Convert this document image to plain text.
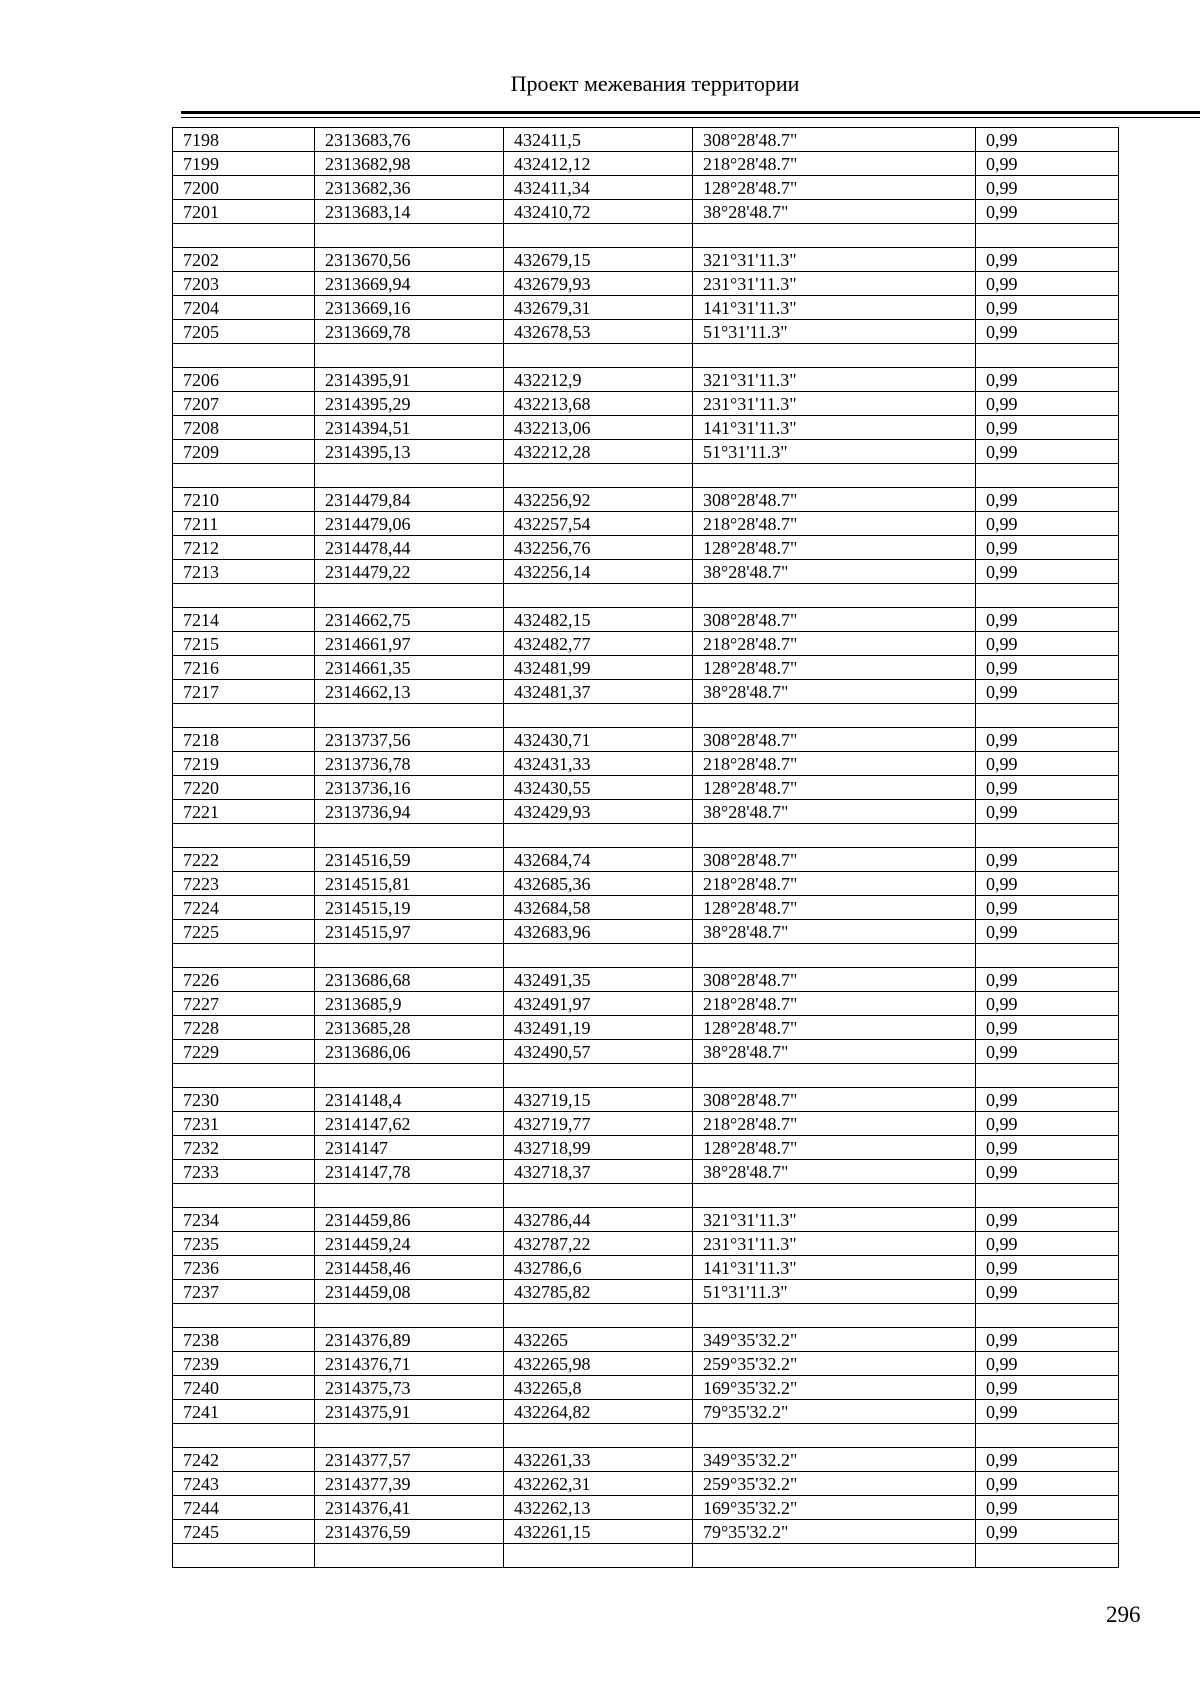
Проект межевания территории
7198	2313683,76	432411,5	308°28'48.7"	0,99
7199	2313682,98	432412,12	218°28'48.7"	0,99
7200	2313682,36	432411,34	128°28'48.7"	0,99
7201	2313683,14	432410,72	38°28'48.7"	0,99

7202	2313670,56	432679,15	321°31'11.3"	0,99
7203	2313669,94	432679,93	231°31'11.3"	0,99
7204	2313669,16	432679,31	141°31'11.3"	0,99
7205	2313669,78	432678,53	51°31'11.3"	0,99

7206	2314395,91	432212,9	321°31'11.3"	0,99
7207	2314395,29	432213,68	231°31'11.3"	0,99
7208	2314394,51	432213,06	141°31'11.3"	0,99
7209	2314395,13	432212,28	51°31'11.3"	0,99

7210	2314479,84	432256,92	308°28'48.7"	0,99
7211	2314479,06	432257,54	218°28'48.7"	0,99
7212	2314478,44	432256,76	128°28'48.7"	0,99
7213	2314479,22	432256,14	38°28'48.7"	0,99

7214	2314662,75	432482,15	308°28'48.7"	0,99
7215	2314661,97	432482,77	218°28'48.7"	0,99
7216	2314661,35	432481,99	128°28'48.7"	0,99
7217	2314662,13	432481,37	38°28'48.7"	0,99

7218	2313737,56	432430,71	308°28'48.7"	0,99
7219	2313736,78	432431,33	218°28'48.7"	0,99
7220	2313736,16	432430,55	128°28'48.7"	0,99
7221	2313736,94	432429,93	38°28'48.7"	0,99

7222	2314516,59	432684,74	308°28'48.7"	0,99
7223	2314515,81	432685,36	218°28'48.7"	0,99
7224	2314515,19	432684,58	128°28'48.7"	0,99
7225	2314515,97	432683,96	38°28'48.7"	0,99

7226	2313686,68	432491,35	308°28'48.7"	0,99
7227	2313685,9	432491,97	218°28'48.7"	0,99
7228	2313685,28	432491,19	128°28'48.7"	0,99
7229	2313686,06	432490,57	38°28'48.7"	0,99

7230	2314148,4	432719,15	308°28'48.7"	0,99
7231	2314147,62	432719,77	218°28'48.7"	0,99
7232	2314147	432718,99	128°28'48.7"	0,99
7233	2314147,78	432718,37	38°28'48.7"	0,99

7234	2314459,86	432786,44	321°31'11.3"	0,99
7235	2314459,24	432787,22	231°31'11.3"	0,99
7236	2314458,46	432786,6	141°31'11.3"	0,99
7237	2314459,08	432785,82	51°31'11.3"	0,99

7238	2314376,89	432265	349°35'32.2"	0,99
7239	2314376,71	432265,98	259°35'32.2"	0,99
7240	2314375,73	432265,8	169°35'32.2"	0,99
7241	2314375,91	432264,82	79°35'32.2"	0,99

7242	2314377,57	432261,33	349°35'32.2"	0,99
7243	2314377,39	432262,31	259°35'32.2"	0,99
7244	2314376,41	432262,13	169°35'32.2"	0,99
7245	2314376,59	432261,15	79°35'32.2"	0,99

296
